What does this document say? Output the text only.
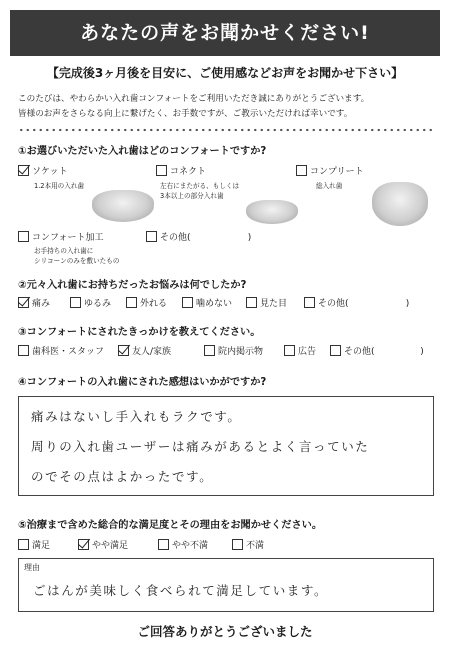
あなたの声をお聞かせください!
【完成後3ヶ月後を目安に、ご使用感などお声をお聞かせ下さい】
このたびは、やわらかい入れ歯コンフォートをご利用いただき誠にありがとうございます。
皆様のお声をさらなる向上に繋げたく、お手数ですが、ご教示いただければ幸いです。
①お選びいただいた入れ歯はどのコンフォートですか?
ソケット
1.2本用の入れ歯
コネクト
左右にまたがる、もしくは
3本以上の部分入れ歯
コンプリート
総入れ歯
コンフォート加工
お手持ちの入れ歯に
シリコーンのみを敷いたもの
その他(                    )
②元々入れ歯にお持ちだったお悩みは何でしたか?
痛み	ゆるみ	外れる	噛めない	見た目	その他(                    )
③コンフォートにされたきっかけを教えてください。
歯科医・スタッフ	友人/家族	院内掲示物	広告	その他(                )
④コンフォートの入れ歯にされた感想はいかがですか?
痛みはないし手入れもラクです。
周りの入れ歯ユーザーは痛みがあるとよく言っていた
のでその点はよかったです。
⑤治療まで含めた総合的な満足度とその理由をお聞かせください。
満足	やや満足	やや不満	不満
理由
ごはんが美味しく食べられて満足しています。
ご回答ありがとうございました
